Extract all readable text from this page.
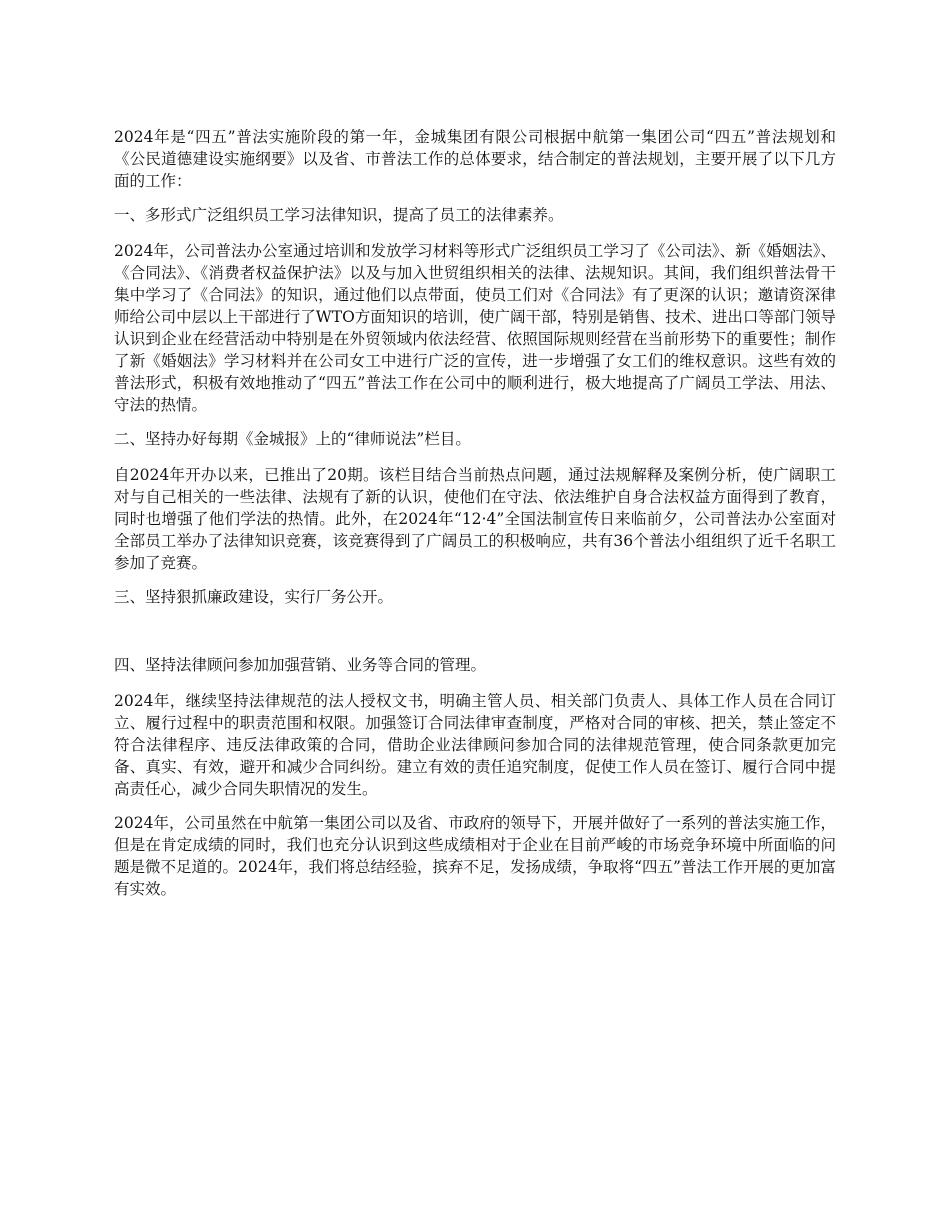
2024年是“四五”普法实施阶段的第一年，金城集团有限公司根据中航第一集团公司“四五”普法规划和《公民道德建设实施纲要》以及省、市普法工作的总体要求，结合制定的普法规划，主要开展了以下几方面的工作：

一、多形式广泛组织员工学习法律知识，提高了员工的法律素养。

2024年，公司普法办公室通过培训和发放学习材料等形式广泛组织员工学习了《公司法》、新《婚姻法》、《合同法》、《消费者权益保护法》以及与加入世贸组织相关的法律、法规知识。其间，我们组织普法骨干集中学习了《合同法》的知识，通过他们以点带面，使员工们对《合同法》有了更深的认识；邀请资深律师给公司中层以上干部进行了WTO方面知识的培训，使广阔干部，特别是销售、技术、进出口等部门领导认识到企业在经营活动中特别是在外贸领域内依法经营、依照国际规则经营在当前形势下的重要性；制作了新《婚姻法》学习材料并在公司女工中进行广泛的宣传，进一步增强了女工们的维权意识。这些有效的普法形式，积极有效地推动了“四五”普法工作在公司中的顺利进行，极大地提高了广阔员工学法、用法、守法的热情。

二、坚持办好每期《金城报》上的“律师说法”栏目。

自2024年开办以来，已推出了20期。该栏目结合当前热点问题，通过法规解释及案例分析，使广阔职工对与自己相关的一些法律、法规有了新的认识，使他们在守法、依法维护自身合法权益方面得到了教育，同时也增强了他们学法的热情。此外，在2024年“12·4”全国法制宣传日来临前夕，公司普法办公室面对全部员工举办了法律知识竞赛，该竞赛得到了广阔员工的积极响应，共有36个普法小组组织了近千名职工参加了竞赛。

三、坚持狠抓廉政建设，实行厂务公开。

四、坚持法律顾问参加加强营销、业务等合同的管理。

2024年，继续坚持法律规范的法人授权文书，明确主管人员、相关部门负责人、具体工作人员在合同订立、履行过程中的职责范围和权限。加强签订合同法律审查制度，严格对合同的审核、把关，禁止签定不符合法律程序、违反法律政策的合同，借助企业法律顾问参加合同的法律规范管理，使合同条款更加完备、真实、有效，避开和减少合同纠纷。建立有效的责任追究制度，促使工作人员在签订、履行合同中提高责任心，减少合同失职情况的发生。

2024年，公司虽然在中航第一集团公司以及省、市政府的领导下，开展并做好了一系列的普法实施工作，但是在肯定成绩的同时，我们也充分认识到这些成绩相对于企业在目前严峻的市场竞争环境中所面临的问题是微不足道的。2024年，我们将总结经验，摈弃不足，发扬成绩，争取将“四五”普法工作开展的更加富有实效。
